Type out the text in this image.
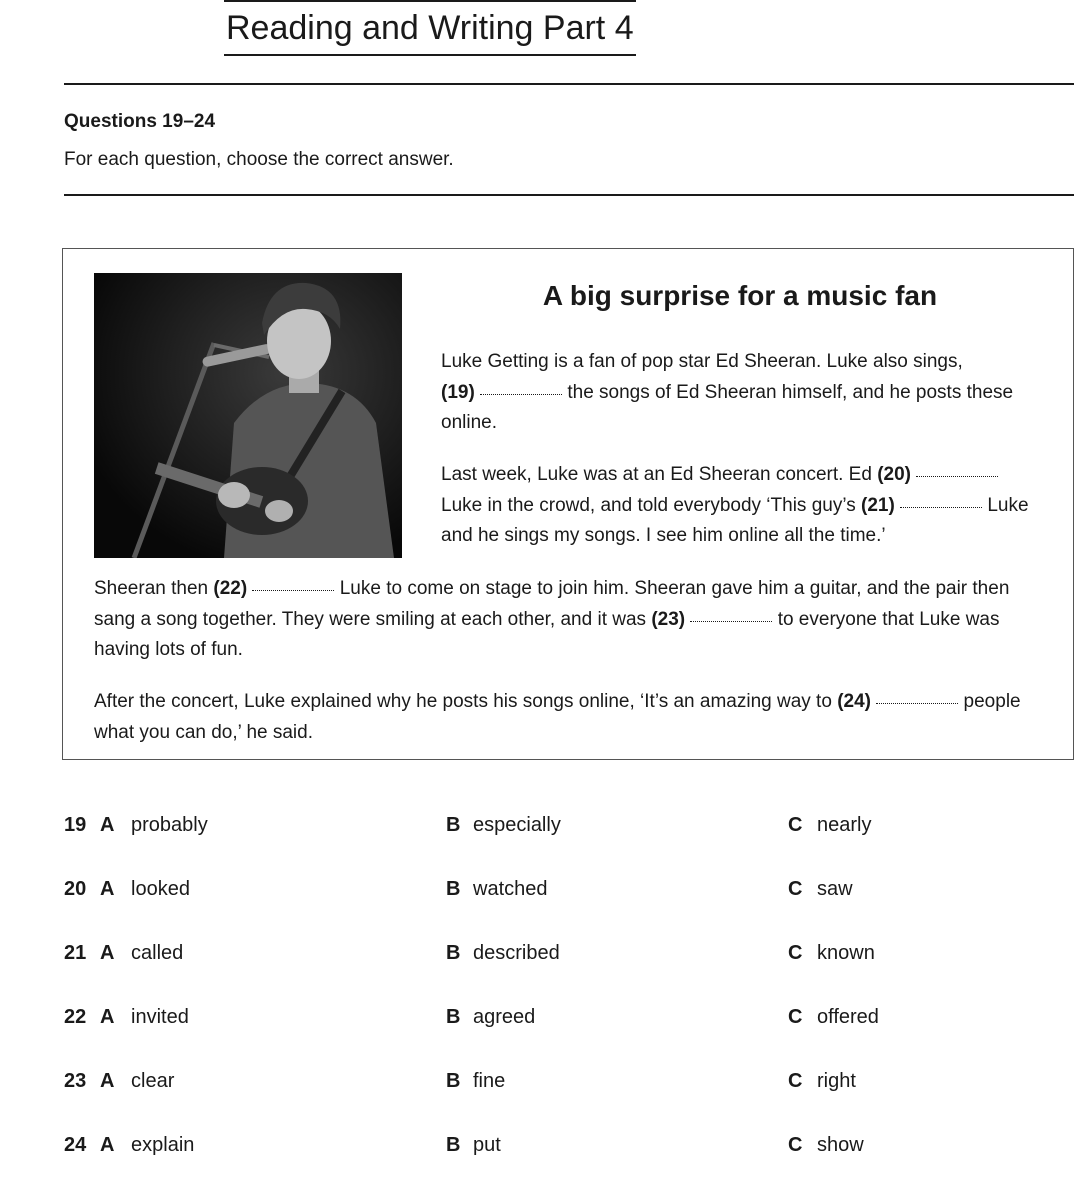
Reading and Writing Part 4
Questions 19–24
For each question, choose the correct answer.
A big surprise for a music fan

Luke Getting is a fan of pop star Ed Sheeran. Luke also sings,
(19)	the songs of Ed Sheeran himself, and he posts these online.

Last week, Luke was at an Ed Sheeran concert. Ed (20)  Luke in the crowd, and told everybody ‘This guy’s (21)	Luke and he sings my songs. I see him online all the time.’

Sheeran then (22)	Luke to come on stage to join him. Sheeran gave him a guitar, and the pair then sang a song together. They were smiling at each other, and it was (23)	to everyone that Luke was having lots of fun.

After the concert, Luke explained why he posts his songs online, ‘It’s an amazing way to (24)	people what you can do,’ he said.

19 A probably	B especially	C nearly
20 A looked	B watched	C saw
21 A called	B described	C known
22 A invited	B agreed	C offered
23 A clear	B fine	C right
24 A explain	B put	C show
